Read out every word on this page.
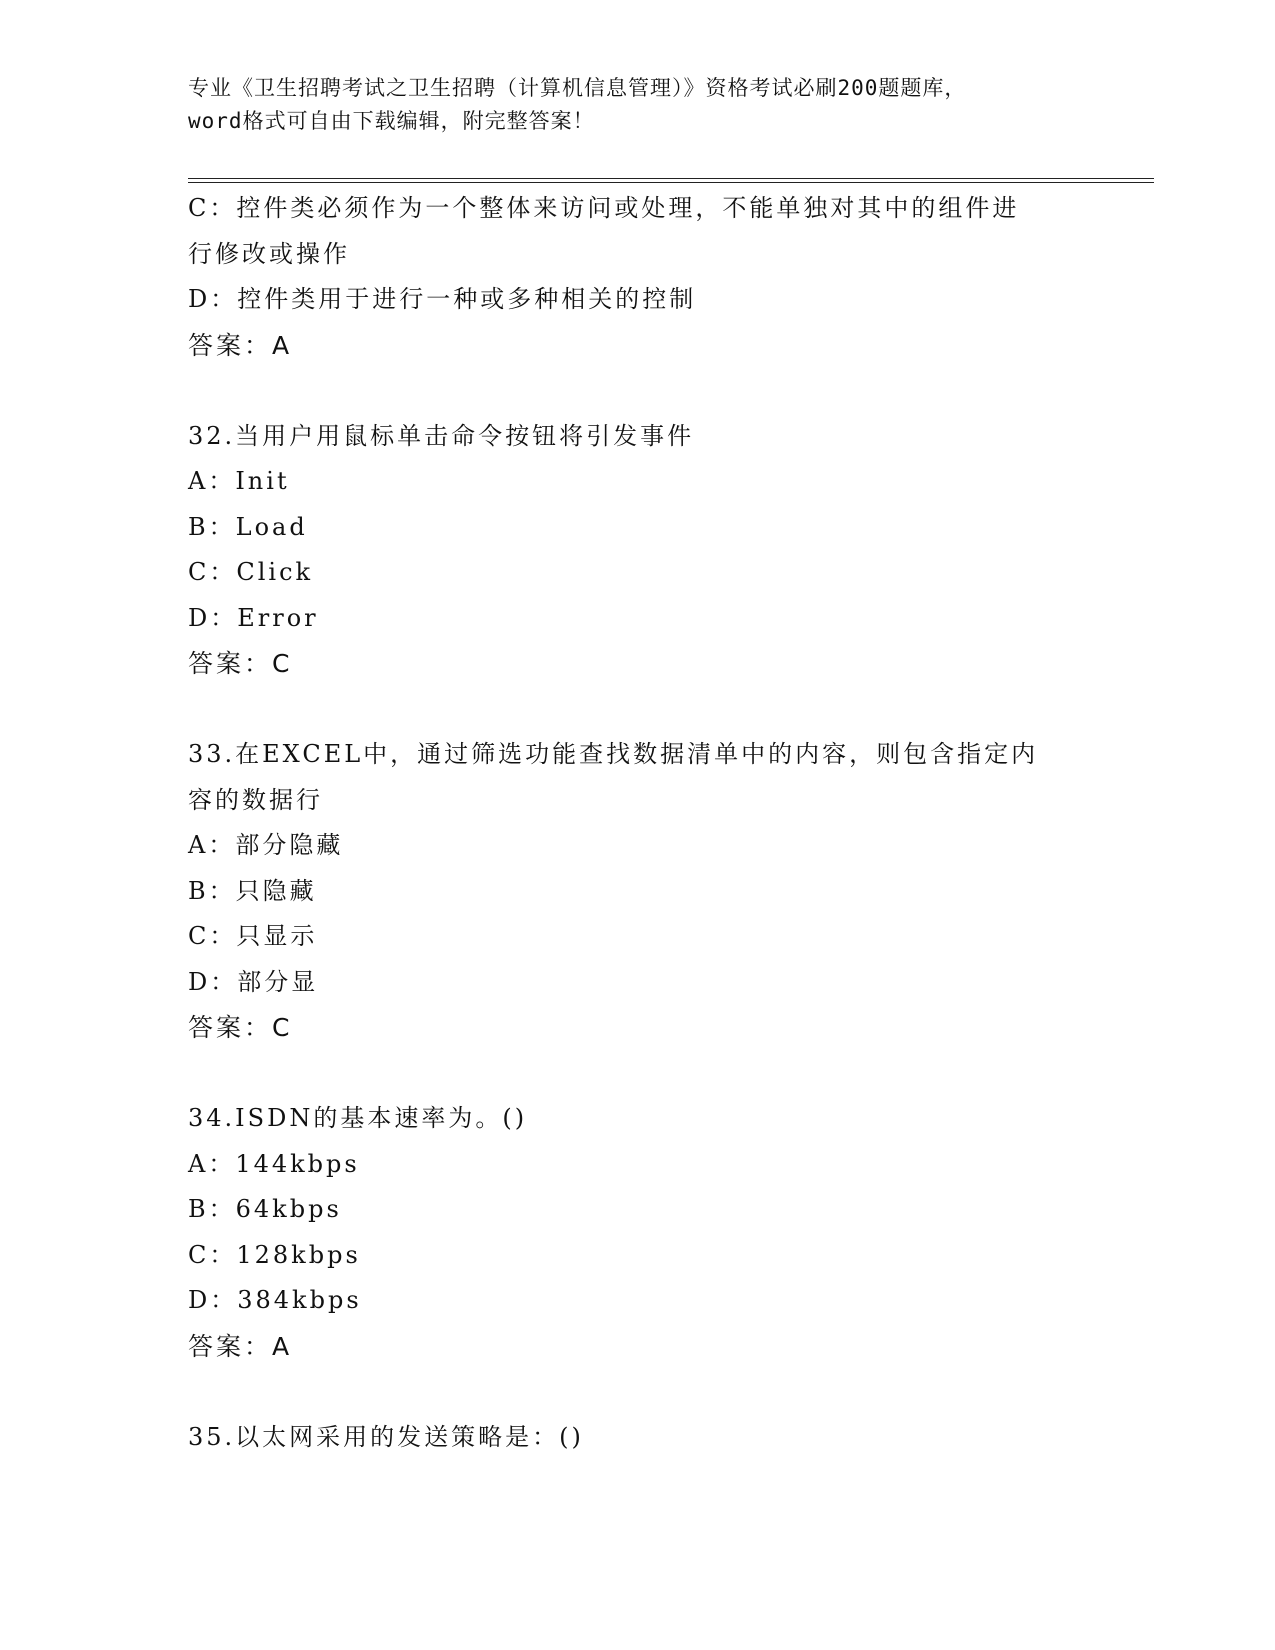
专业《卫生招聘考试之卫生招聘（计算机信息管理）》资格考试必刷200题题库，
word格式可自由下载编辑，附完整答案！
C：控件类必须作为一个整体来访问或处理，不能单独对其中的组件进
行修改或操作
D：控件类用于进行一种或多种相关的控制
答案：A
32.当用户用鼠标单击命令按钮将引发事件
A：Init
B：Load
C：Click
D：Error
答案：C
33.在EXCEL中，通过筛选功能查找数据清单中的内容，则包含指定内
容的数据行
A：部分隐藏
B：只隐藏
C：只显示
D：部分显
答案：C
34.ISDN的基本速率为。()
A：144kbps
B：64kbps
C：128kbps
D：384kbps
答案：A
35.以太网采用的发送策略是：()
